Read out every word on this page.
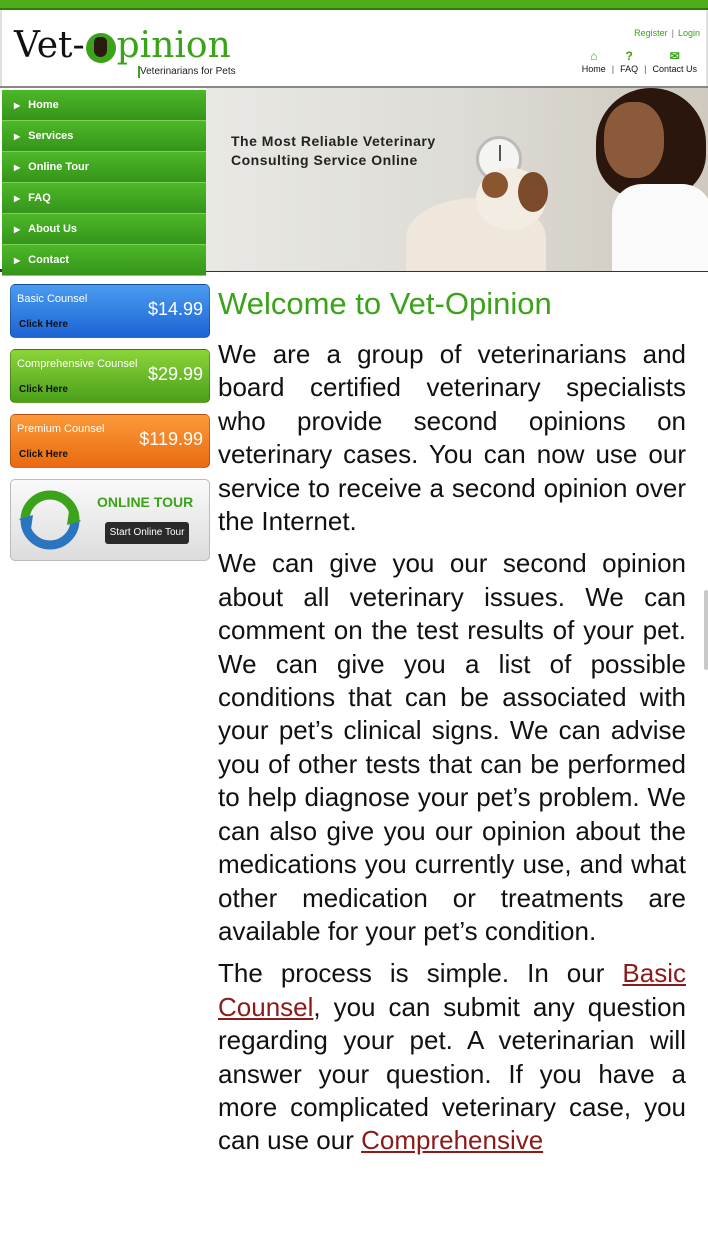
Vet- pinion
Veterinarians for Pets
Register | Login
⌂
Home |
?
FAQ |
✉
Contact Us
▶ Home
▶ Services
▶ Online Tour
▶ FAQ
▶ About Us
▶ Contact
The Most Reliable Veterinary
Consulting Service Online
Basic Counsel	$14.99
Click Here
Comprehensive Counsel $29.99
Click Here
Premium Counsel $119.99
Click Here
ONLINE TOUR
Start Online Tour
Welcome to Vet-Opinion

We are a group of veterinarians and board certified veterinary specialists who provide second opinions on veterinary cases. You can now use our service to receive a second opinion over the Internet.

We can give you our second opinion about all veterinary issues. We can comment on the test results of your pet. We can give you a list of possible conditions that can be associated with your pet’s clinical signs. We can advise you of other tests that can be performed to help diagnose your pet’s problem. We can also give you our opinion about the medications you currently use, and what other medication or treatments are available for your pet’s condition.

The process is simple. In our Basic Counsel, you can submit any question regarding your pet. A veterinarian will answer your question. If you have a more complicated veterinary case, you can use our Comprehensive
